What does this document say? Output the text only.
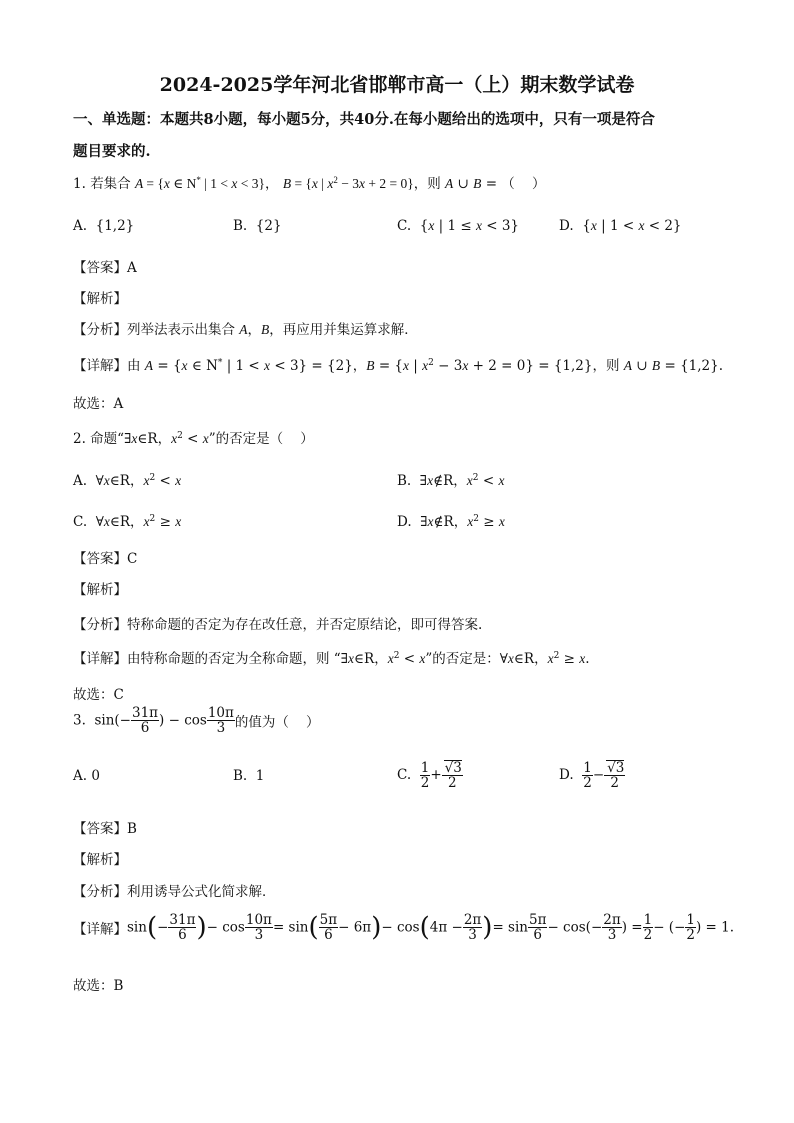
2024-2025学年河北省邯郸市高一（上）期末数学试卷
一、单选题：本题共8小题，每小题5分，共40分.在每小题给出的选项中，只有一项是符合
题目要求的.
1. 若集合 A = {x ∈ N* | 1 < x < 3}， B = {x | $x^2 - 3x + 2 = 0$}，则 A ∪ B = （    ）
A.  {1,2}	B.  {2}	C.  {x | 1 ≤ x < 3}	D.  {x | 1 < x < 2}
【答案】A
【解析】
【分析】列举法表示出集合 A，B，再应用并集运算求解．
【详解】由 A = {x ∈ N* | 1 < x < 3} = {2}，B = {x | $x^2 - 3x + 2 = 0\} = \{1,2\}$，则 A ∪ B = {1,2}.
故选：A
2. 命题“∃x∈R，$x^2 < x$”的否定是（    ）
A.  ∀x∈R，$x^2 < x$	B.  ∃x∉R，$x^2 < x$
C.  ∀x∈R，$x^2 \ge x$	D.  ∃x∉R，$x^2 \ge x$
【答案】C
【解析】
【分析】特称命题的否定为存在改任意，并否定原结论，即可得答案.
【详解】由特称命题的否定为全称命题，则 “∃x∈R，$x^2 < x$”的否定是：∀x∈R，$x^2 \ge x$.
故选：C
3.  $\sin(- \frac{31\pi}{6}$ ) − $\cos \frac{10\pi}{3}$ 的值为（    ）
A. 0	B.  1	C. $\frac{1}{2} + \frac{√3}{2}$	D. $\frac{1}{2} - \frac{√3}{2}$
【答案】B
【解析】
【分析】利用诱导公式化简求解．
【详解】$\sin(- \frac{31\pi}{6}$ )− $\cos \frac{10\pi}{3} = \sin( \frac{5\pi}{6} - 6\pi)- \cos(4\pi - \frac{2\pi}{3}$ )= $\sin \frac{5\pi}{6} - \cos(- \frac{2\pi}{3}$ ) = $\frac{1}{2}$ − (− $\frac{1}{2}$ ) = 1.
故选：B
